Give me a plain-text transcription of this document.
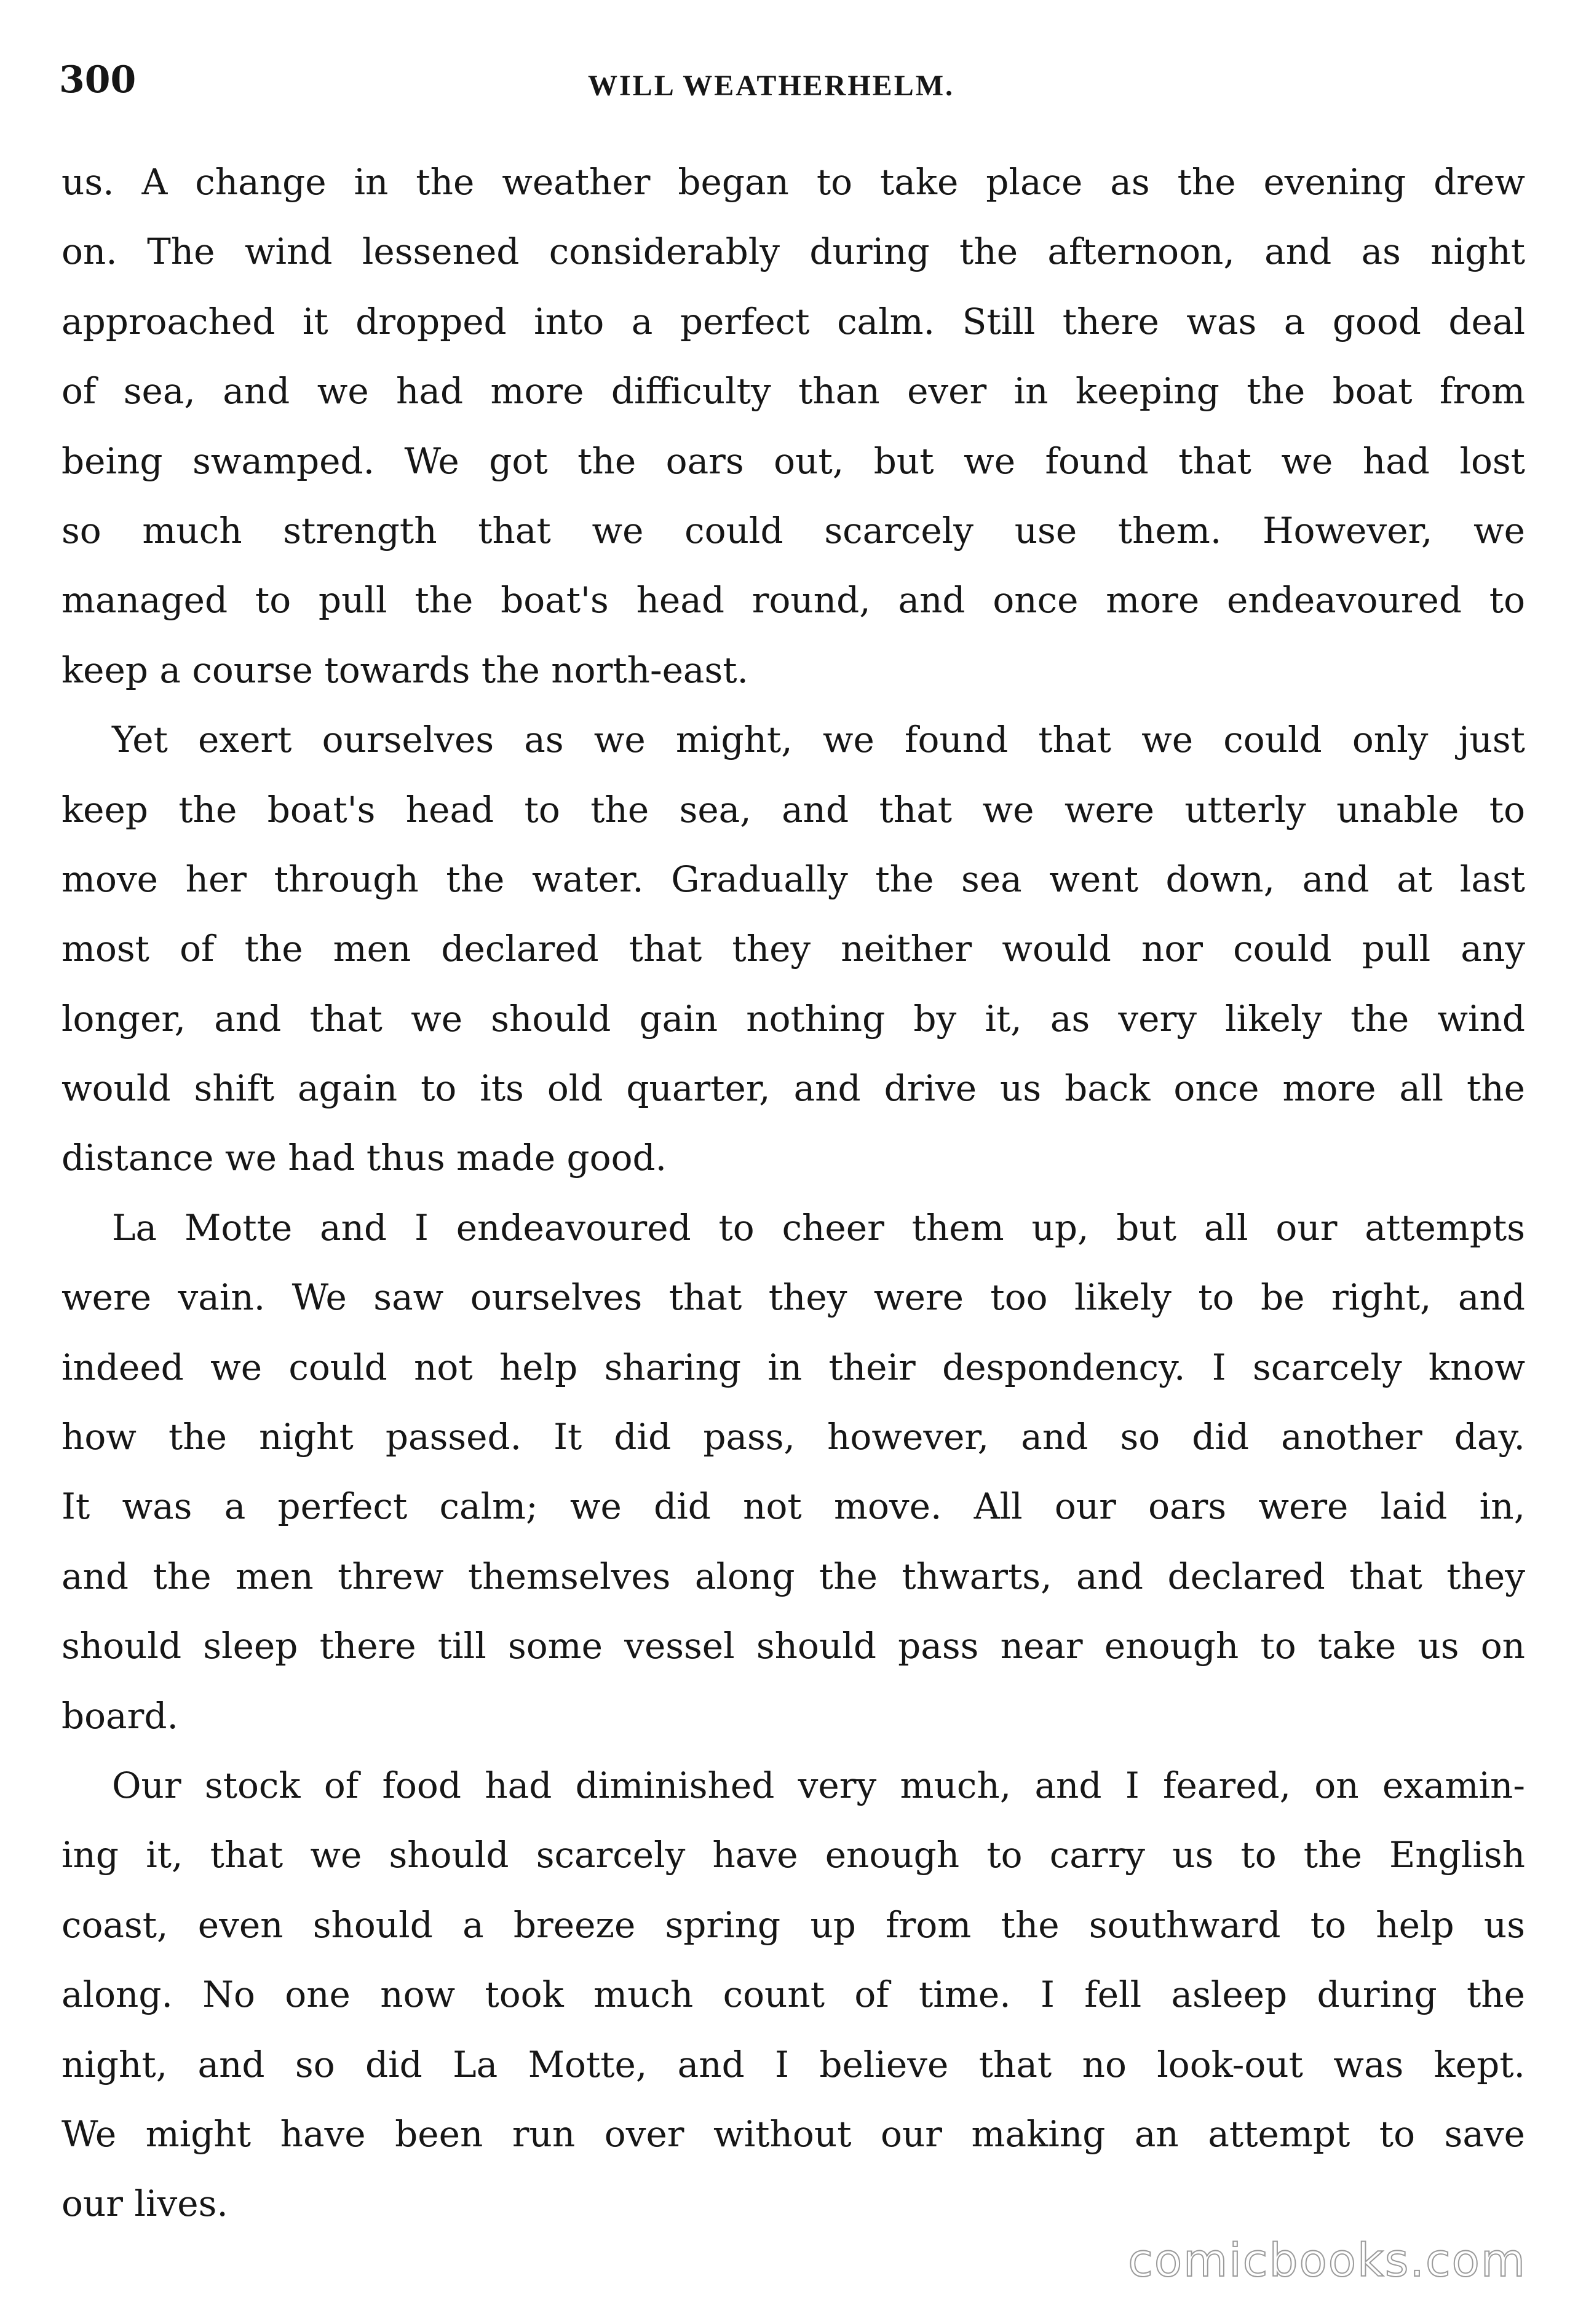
300	WILL WEATHERHELM.
us. A change in the weather began to take place as the evening drew
on. The wind lessened considerably during the afternoon, and as night
approached it dropped into a perfect calm. Still there was a good deal
of sea, and we had more difficulty than ever in keeping the boat from
being swamped. We got the oars out, but we found that we had lost
so much strength that we could scarcely use them. However, we
managed to pull the boat's head round, and once more endeavoured to
keep a course towards the north-east.
Yet exert ourselves as we might, we found that we could only just
keep the boat's head to the sea, and that we were utterly unable to
move her through the water. Gradually the sea went down, and at last
most of the men declared that they neither would nor could pull any
longer, and that we should gain nothing by it, as very likely the wind
would shift again to its old quarter, and drive us back once more all the
distance we had thus made good.
La Motte and I endeavoured to cheer them up, but all our attempts
were vain. We saw ourselves that they were too likely to be right, and
indeed we could not help sharing in their despondency. I scarcely know
how the night passed. It did pass, however, and so did another day.
It was a perfect calm; we did not move. All our oars were laid in,
and the men threw themselves along the thwarts, and declared that they
should sleep there till some vessel should pass near enough to take us on
board.
Our stock of food had diminished very much, and I feared, on examin-
ing it, that we should scarcely have enough to carry us to the English
coast, even should a breeze spring up from the southward to help us
along. No one now took much count of time. I fell asleep during the
night, and so did La Motte, and I believe that no look-out was kept.
We might have been run over without our making an attempt to save
our lives.
comicbooks.com
